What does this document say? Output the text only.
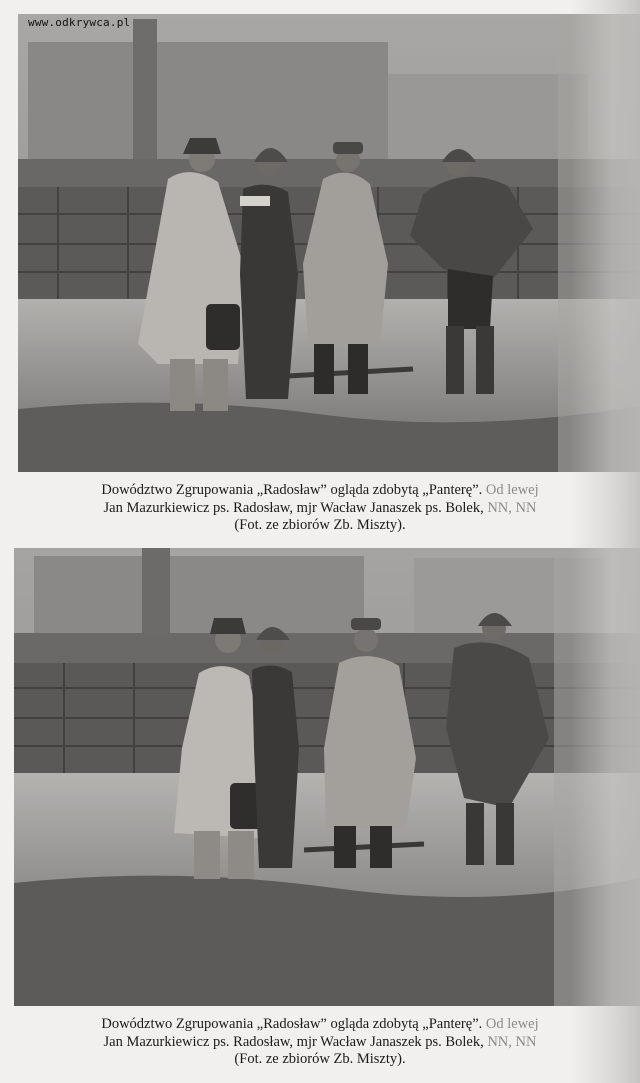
www.odkrywca.pl
Dowództwo Zgrupowania „Radosław” ogląda zdobytą „Panterę”. Od lewej
Jan Mazurkiewicz ps. Radosław, mjr Wacław Janaszek ps. Bolek, NN, NN
(Fot. ze zbiorów Zb. Miszty).
Dowództwo Zgrupowania „Radosław” ogląda zdobytą „Panterę”. Od lewej
Jan Mazurkiewicz ps. Radosław, mjr Wacław Janaszek ps. Bolek, NN, NN
(Fot. ze zbiorów Zb. Miszty).
